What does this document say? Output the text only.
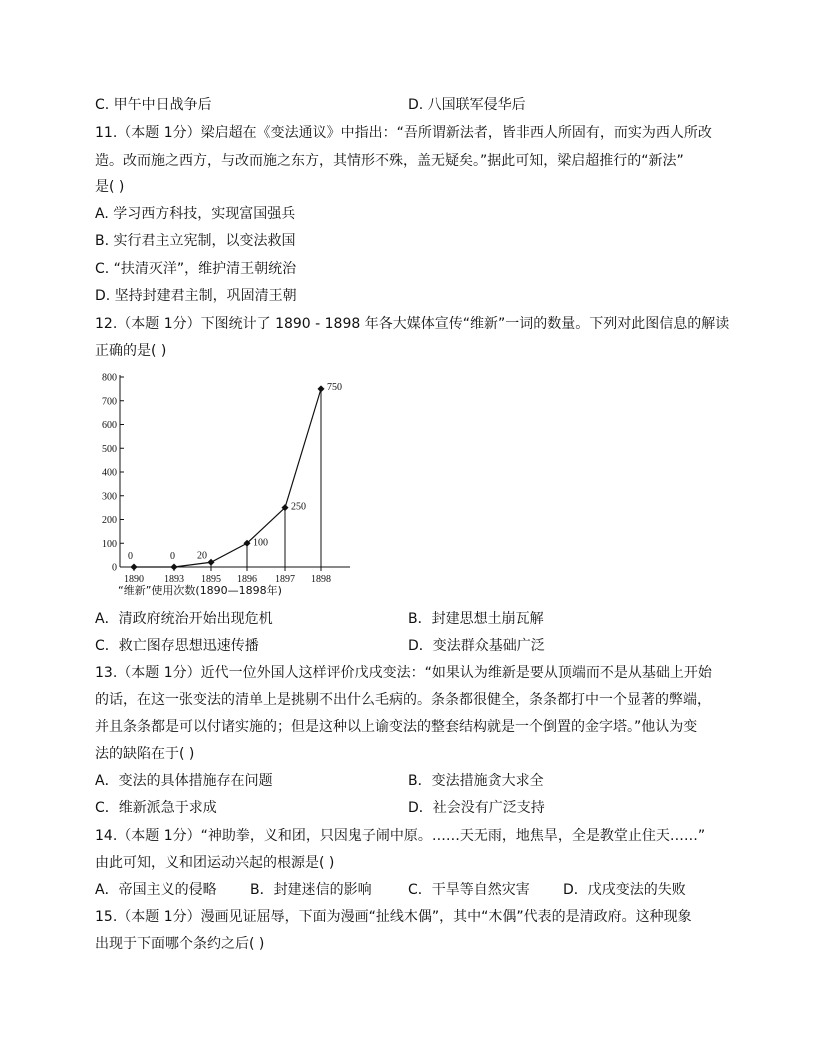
C. 甲午中日战争后	D. 八国联军侵华后
11.（本题 1分）梁启超在《变法通议》中指出：“吾所谓新法者，皆非西人所固有，而实为西人所改
造。改而施之西方，与改而施之东方，其情形不殊，盖无疑矣。”据此可知，梁启超推行的“新法”
是( )
A. 学习西方科技，实现富国强兵
B. 实行君主立宪制，以变法救国
C. “扶清灭洋”，维护清王朝统治
D. 坚持封建君主制，巩固清王朝
12.（本题 1分）下图统计了 1890 - 1898 年各大媒体宣传“维新”一词的数量。下列对此图信息的解读
正确的是( )
0
100
200
300
400
500
600
700
800
1890 1893 1895 1896 1897 1898
0	0 20
100
250
750
“维新”使用次数(1890—1898年)
A．清政府统治开始出现危机	B．封建思想土崩瓦解
C．救亡图存思想迅速传播	D．变法群众基础广泛
13.（本题 1分）近代一位外国人这样评价戊戌变法：“如果认为维新是要从顶端而不是从基础上开始
的话，在这一张变法的清单上是挑剔不出什么毛病的。条条都很健全，条条都打中一个显著的弊端，
并且条条都是可以付诸实施的；但是这种以上谕变法的整套结构就是一个倒置的金字塔。”他认为变
法的缺陷在于( )
A．变法的具体措施存在问题	B．变法措施贪大求全
C．维新派急于求成	D．社会没有广泛支持
14.（本题 1分）“神助拳，义和团，只因鬼子闹中原。……天无雨，地焦旱，全是教堂止住天……”
由此可知，义和团运动兴起的根源是( )
A．帝国主义的侵略 B．封建迷信的影响	C．干旱等自然灾害 D．戊戌变法的失败
15.（本题 1分）漫画见证屈辱，下面为漫画“扯线木偶”，其中“木偶”代表的是清政府。这种现象
出现于下面哪个条约之后( )
